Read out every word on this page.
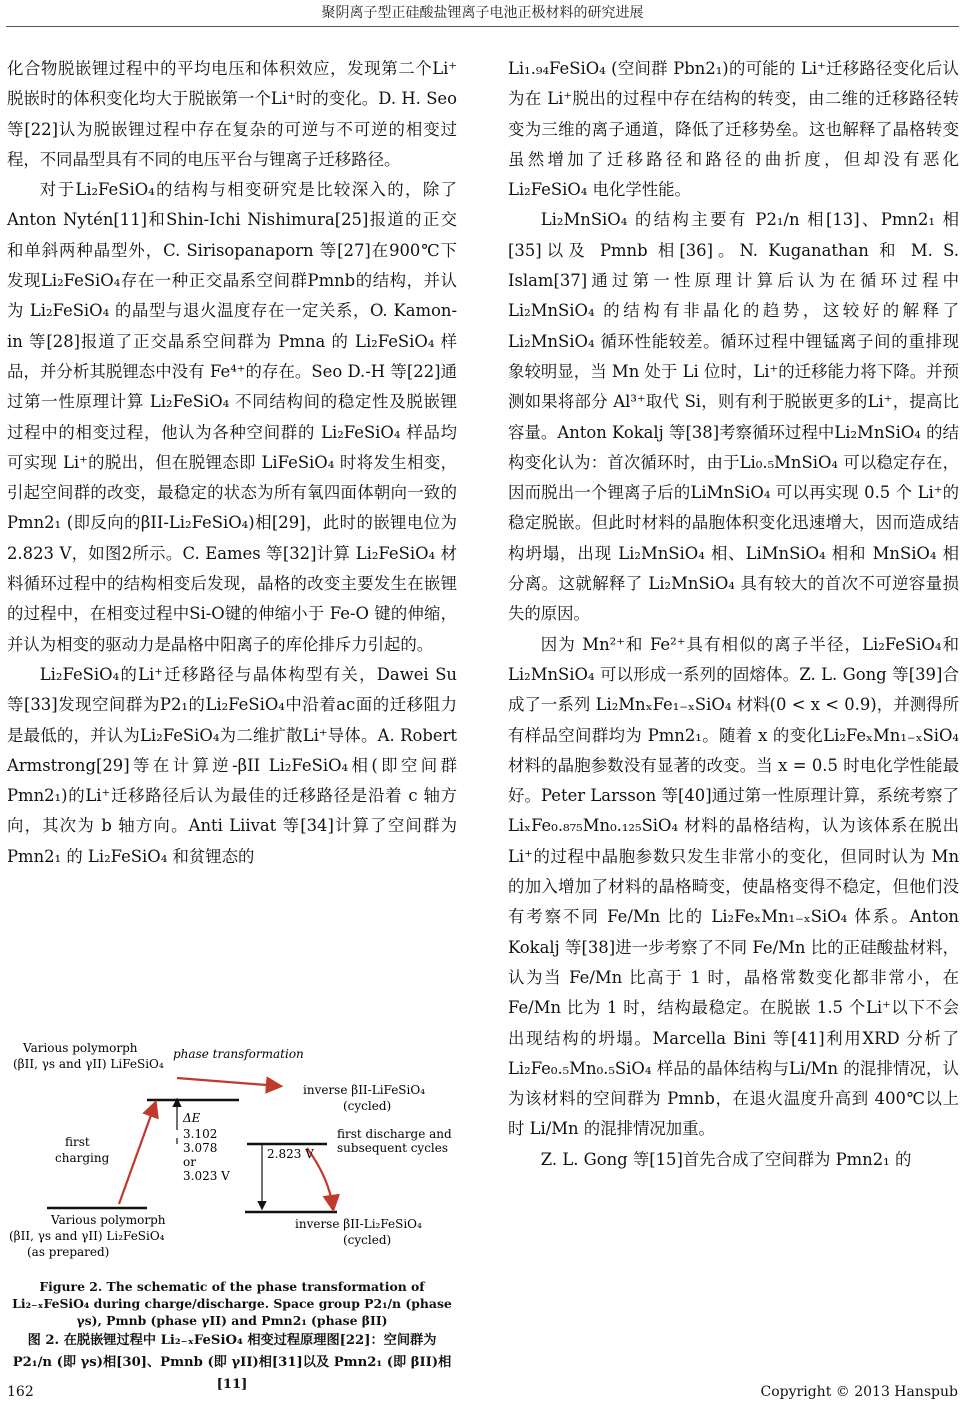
聚阴离子型正硅酸盐锂离子电池正极材料的研究进展

化合物脱嵌锂过程中的平均电压和体积效应，发现第二个Li⁺脱嵌时的体积变化均大于脱嵌第一个Li⁺时的变化。D. H. Seo 等[22]认为脱嵌锂过程中存在复杂的可逆与不可逆的相变过程，不同晶型具有不同的电压平台与锂离子迁移路径。

对于Li₂FeSiO₄的结构与相变研究是比较深入的，除了Anton Nytén[11]和Shin-Ichi Nishimura[25]报道的正交和单斜两种晶型外，C. Sirisopanaporn 等[27]在900℃下发现Li₂FeSiO₄存在一种正交晶系空间群Pmnb的结构，并认为 Li₂FeSiO₄ 的晶型与退火温度存在一定关系，O. Kamon-in 等[28]报道了正交晶系空间群为 Pmna 的 Li₂FeSiO₄ 样品，并分析其脱锂态中没有 Fe⁴⁺的存在。Seo D.-H 等[22]通过第一性原理计算 Li₂FeSiO₄ 不同结构间的稳定性及脱嵌锂过程中的相变过程，他认为各种空间群的 Li₂FeSiO₄ 样品均可实现 Li⁺的脱出，但在脱锂态即 LiFeSiO₄ 时将发生相变，引起空间群的改变，最稳定的状态为所有氧四面体朝向一致的Pmn2₁ (即反向的βII-Li₂FeSiO₄)相[29]，此时的嵌锂电位为2.823 V，如图2所示。C. Eames 等[32]计算 Li₂FeSiO₄ 材料循环过程中的结构相变后发现，晶格的改变主要发生在嵌锂的过程中，在相变过程中Si-O键的伸缩小于 Fe-O 键的伸缩，并认为相变的驱动力是晶格中阳离子的库伦排斥力引起的。

Li₂FeSiO₄的Li⁺迁移路径与晶体构型有关，Dawei Su 等[33]发现空间群为P2₁的Li₂FeSiO₄中沿着ac面的迁移阻力是最低的，并认为Li₂FeSiO₄为二维扩散Li⁺导体。A. Robert Armstrong[29]等在计算逆-βII Li₂FeSiO₄相(即空间群Pmn2₁)的Li⁺迁移路径后认为最佳的迁移路径是沿着 c 轴方向，其次为 b 轴方向。Anti Liivat 等[34]计算了空间群为 Pmn2₁ 的 Li₂FeSiO₄ 和贫锂态的

Li₁.₉₄FeSiO₄ (空间群 Pbn2₁)的可能的 Li⁺迁移路径变化后认为在 Li⁺脱出的过程中存在结构的转变，由二维的迁移路径转变为三维的离子通道，降低了迁移势垒。这也解释了晶格转变虽然增加了迁移路径和路径的曲折度，但却没有恶化 Li₂FeSiO₄ 电化学性能。

Li₂MnSiO₄ 的结构主要有 P2₁/n 相[13]、Pmn2₁ 相[35]以及 Pmnb 相[36]。N. Kuganathan 和 M. S. Islam[37]通过第一性原理计算后认为在循环过程中 Li₂MnSiO₄ 的结构有非晶化的趋势，这较好的解释了 Li₂MnSiO₄ 循环性能较差。循环过程中锂锰离子间的重排现象较明显，当 Mn 处于 Li 位时，Li⁺的迁移能力将下降。并预测如果将部分 Al³⁺取代 Si，则有利于脱嵌更多的Li⁺，提高比容量。Anton Kokalj 等[38]考察循环过程中Li₂MnSiO₄ 的结构变化认为：首次循环时，由于Li₀.₅MnSiO₄ 可以稳定存在，因而脱出一个锂离子后的LiMnSiO₄ 可以再实现 0.5 个 Li⁺的稳定脱嵌。但此时材料的晶胞体积变化迅速增大，因而造成结构坍塌，出现 Li₂MnSiO₄ 相、LiMnSiO₄ 相和 MnSiO₄ 相分离。这就解释了 Li₂MnSiO₄ 具有较大的首次不可逆容量损失的原因。

因为 Mn²⁺和 Fe²⁺具有相似的离子半径，Li₂FeSiO₄和 Li₂MnSiO₄ 可以形成一系列的固熔体。Z. L. Gong 等[39]合成了一系列 Li₂MnₓFe₁₋ₓSiO₄ 材料(0 < x < 0.9)，并测得所有样品空间群均为 Pmn2₁。随着 x 的变化Li₂FeₓMn₁₋ₓSiO₄ 材料的晶胞参数没有显著的改变。当 x = 0.5 时电化学性能最好。Peter Larsson 等[40]通过第一性原理计算，系统考察了 LiₓFe₀.₈₇₅Mn₀.₁₂₅SiO₄ 材料的晶格结构，认为该体系在脱出 Li⁺的过程中晶胞参数只发生非常小的变化，但同时认为 Mn 的加入增加了材料的晶格畸变，使晶格变得不稳定，但他们没有考察不同 Fe/Mn 比的 Li₂FeₓMn₁₋ₓSiO₄ 体系。Anton Kokalj 等[38]进一步考察了不同 Fe/Mn 比的正硅酸盐材料，认为当 Fe/Mn 比高于 1 时，晶格常数变化都非常小，在 Fe/Mn 比为 1 时，结构最稳定。在脱嵌 1.5 个Li⁺以下不会出现结构的坍塌。Marcella Bini 等[41]利用XRD 分析了 Li₂Fe₀.₅Mn₀.₅SiO₄ 样品的晶体结构与Li/Mn 的混排情况，认为该材料的空间群为 Pmnb，在退火温度升高到 400℃以上时 Li/Mn 的混排情况加重。

Z. L. Gong 等[15]首先合成了空间群为 Pmn2₁ 的

Various polymorph
(βII, γs and γII) LiFeSiO₄
phase transformation
inverse βII-LiFeSiO₄
(cycled)
ΔE
3.102
3.078
or
3.023 V
first
charging	2.823 V
first discharge and
subsequent cycles
Various polymorph
(βII, γs and γII) Li₂FeSiO₄
(as prepared)
inverse βII-Li₂FeSiO₄
(cycled)
Figure 2. The schematic of the phase transformation of Li₂₋ₓFeSiO₄ during charge/discharge. Space group P2₁/n (phase γs), Pmnb (phase γII) and Pmn2₁ (phase βII)
图 2. 在脱嵌锂过程中 Li₂₋ₓFeSiO₄ 相变过程原理图[22]：空间群为 P2₁/n (即 γs)相[30]、Pmnb (即 γII)相[31]以及 Pmn2₁ (即 βII)相[11]
162	Copyright © 2013 Hanspub
